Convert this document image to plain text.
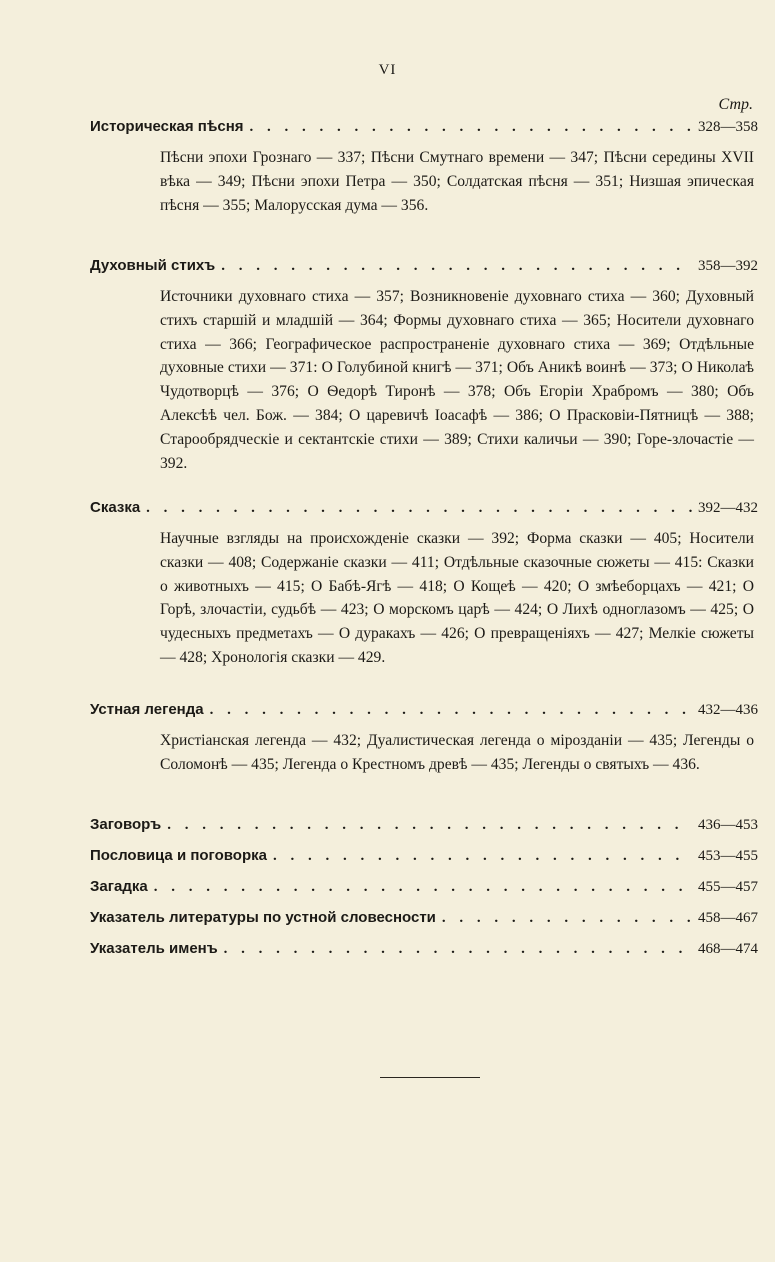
VI
Стр.
Историческая пѣсня . . .	328—358
Пѣсни эпохи Грознаго — 337; Пѣсни Смутнаго времени — 347; Пѣсни середины XVII вѣка — 349; Пѣсни эпохи Петра — 350; Солдатская пѣсня — 351; Низшая эпическая пѣсня — 355; Малорусская дума — 356.
Духовный стихъ . . .	358—392
Источники духовнаго стиха — 357; Возникновеніе духовнаго стиха — 360; Духовный стихъ старшій и младшій — 364; Формы духовнаго стиха — 365; Носители духовнаго стиха — 366; Географическое распространеніе духовнаго стиха — 369; Отдѣльные духовные стихи — 371: О Голубиной книгѣ — 371; Объ Аникѣ воинѣ — 373; О Николаѣ Чудотворцѣ — 376; О Ѳедорѣ Тиронѣ — 378; Объ Егоріи Храбромъ — 380; Объ Алексѣѣ чел. Бож. — 384; О царевичѣ Іоасафѣ — 386; О Прасковіи-Пятницѣ — 388; Старообрядческіе и сектантскіе стихи — 389; Стихи каличьи — 390; Горе-злочастіе — 392.
Сказка . . .	392—432
Научные взгляды на происхожденіе сказки — 392; Форма сказки — 405; Носители сказки — 408; Содержаніе сказки — 411; Отдѣльные сказочные сюжеты — 415: Сказки о животныхъ — 415; О Бабѣ-Ягѣ — 418; О Кощеѣ — 420; О змѣеборцахъ — 421; О Горѣ, злочастіи, судьбѣ — 423; О морскомъ царѣ — 424; О Лихѣ одноглазомъ — 425; О чудесныхъ предметахъ — О дуракахъ — 426; О превращеніяхъ — 427; Мелкіе сюжеты — 428; Хронологія сказки — 429.
Устная легенда . . .	432—436
Христіанская легенда — 432; Дуалистическая легенда о мірозданіи — 435; Легенды о Соломонѣ — 435; Легенда о Крестномъ древѣ — 435; Легенды о святыхъ — 436.
Заговоръ . . .	436—453
Пословица и поговорка . . .	453—455
Загадка . . .	455—457
Указатель литературы по устной словесности . . .	458—467
Указатель именъ . . .	468—474
